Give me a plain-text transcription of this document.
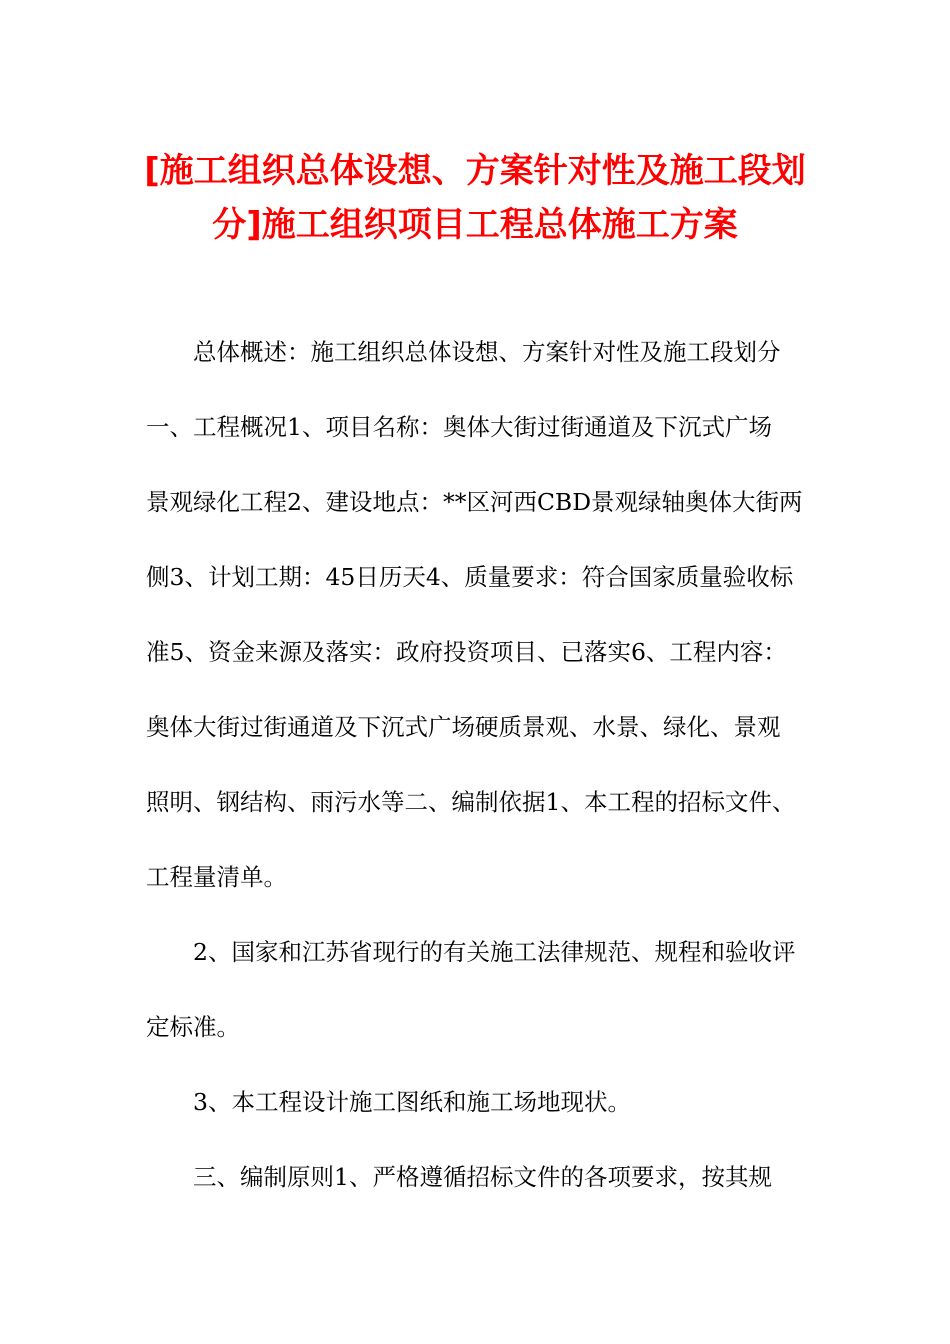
[施工组织总体设想、方案针对性及施工段划
分]施工组织项目工程总体施工方案
总体概述：施工组织总体设想、方案针对性及施工段划分
一、工程概况1、项目名称：奥体大街过街通道及下沉式广场
景观绿化工程2、建设地点：**区河西CBD景观绿轴奥体大街两
侧3、计划工期：45日历天4、质量要求：符合国家质量验收标
准5、资金来源及落实：政府投资项目、已落实6、工程内容：
奥体大街过街通道及下沉式广场硬质景观、水景、绿化、景观
照明、钢结构、雨污水等二、编制依据1、本工程的招标文件、
工程量清单。
2、国家和江苏省现行的有关施工法律规范、规程和验收评
定标准。
3、本工程设计施工图纸和施工场地现状。
三、编制原则1、严格遵循招标文件的各项要求，按其规
